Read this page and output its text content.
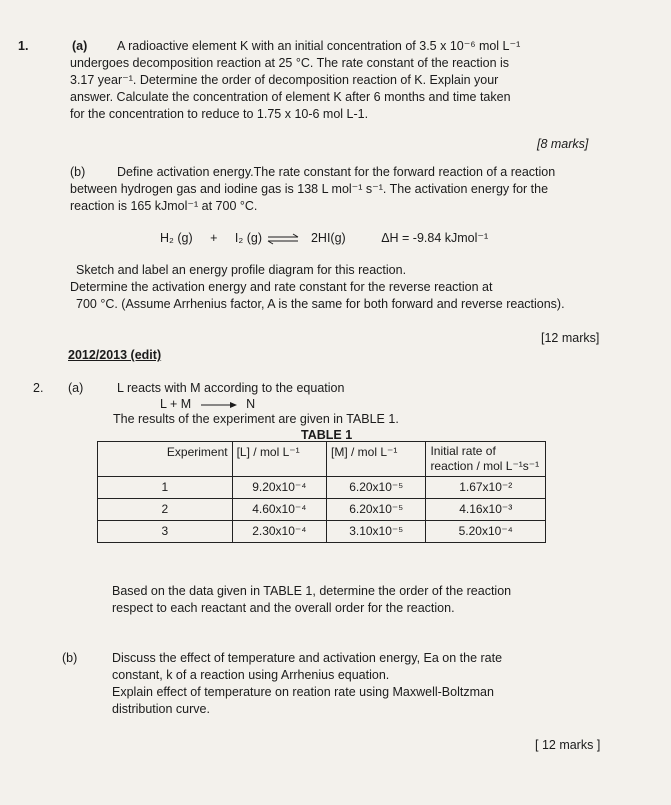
1.	(a) A radioactive element K with an initial concentration of 3.5 x 10⁻⁶ mol L⁻¹
undergoes decomposition reaction at 25 °C. The rate constant of the reaction is
3.17 year⁻¹. Determine the order of decomposition reaction of K. Explain your
answer. Calculate the concentration of element K after 6 months and time taken
for the concentration to reduce to 1.75 x 10-6 mol L-1.
[8 marks]
(b)	Define activation energy.The rate constant for the forward reaction of a reaction
between hydrogen gas and iodine gas is 138 L mol⁻¹ s⁻¹. The activation energy for the
reaction is 165 kJmol⁻¹ at 700 °C.
H₂ (g) + I₂ (g) ⇌ 2HI(g)	ΔH = -9.84 kJmol⁻¹
Sketch and label an energy profile diagram for this reaction.
Determine the activation energy and rate constant for the reverse reaction at
700 °C. (Assume Arrhenius factor, A is the same for both forward and reverse reactions).
[12 marks]
2012/2013 (edit)
2. (a)	L reacts with M according to the equation
L + M → N
The results of the experiment are given in TABLE 1.
TABLE 1
Experiment	[L] / mol L⁻¹	[M] / mol L⁻¹	Initial rate of reaction / mol L⁻¹s⁻¹
1	9.20x10⁻⁴	6.20x10⁻⁵	1.67x10⁻²
2	4.60x10⁻⁴	6.20x10⁻⁵	4.16x10⁻³
3	2.30x10⁻⁴	3.10x10⁻⁵	5.20x10⁻⁴
Based on the data given in TABLE 1, determine the order of the reaction
respect to each reactant and the overall order for the reaction.
(b)	Discuss the effect of temperature and activation energy, Ea on the rate
constant, k of a reaction using Arrhenius equation.
Explain effect of temperature on reation rate using Maxwell-Boltzman
distribution curve.
[ 12 marks ]
